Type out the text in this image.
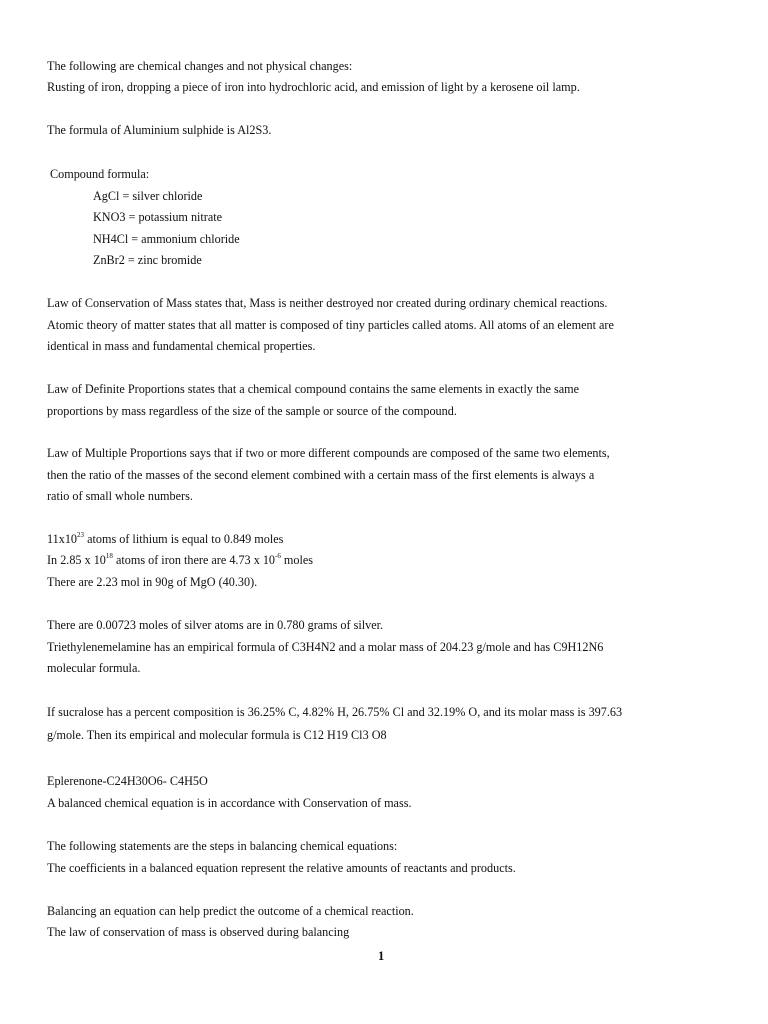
The following are chemical changes and not physical changes:
Rusting of iron, dropping a piece of iron into hydrochloric acid, and emission of light by a kerosene oil lamp.
The formula of Aluminium sulphide is Al2S3.
Compound formula:
AgCl = silver chloride
KNO3 = potassium nitrate
NH4Cl = ammonium chloride
ZnBr2 = zinc bromide
Law of Conservation of Mass states that, Mass is neither destroyed nor created during ordinary chemical reactions.
Atomic theory of matter states that all matter is composed of tiny particles called atoms. All atoms of an element are
identical in mass and fundamental chemical properties.
Law of Definite Proportions states that a chemical compound contains the same elements in exactly the same
proportions by mass regardless of the size of the sample or source of the compound.
Law of Multiple Proportions says that if two or more different compounds are composed of the same two elements,
then the ratio of the masses of the second element combined with a certain mass of the first elements is always a
ratio of small whole numbers.
$11x10^{23}$ atoms of lithium is equal to 0.849 moles
In 2.85 x $10^{18}$ atoms of iron there are 4.73 x $10^{-6}$ moles
There are 2.23 mol in 90g of MgO (40.30).
There are 0.00723 moles of silver atoms are in 0.780 grams of silver.
Triethylenemelamine has an empirical formula of C3H4N2 and a molar mass of 204.23 g/mole and has C9H12N6
molecular formula.
If sucralose has a percent composition is 36.25% C, 4.82% H, 26.75% Cl and 32.19% O, and its molar mass is 397.63
g/mole. Then its empirical and molecular formula is C12 H19 Cl3 O8
Eplerenone-C24H30O6- C4H5O
A balanced chemical equation is in accordance with Conservation of mass.
The following statements are the steps in balancing chemical equations:
The coefficients in a balanced equation represent the relative amounts of reactants and products.
Balancing an equation can help predict the outcome of a chemical reaction.
The law of conservation of mass is observed during balancing
1
